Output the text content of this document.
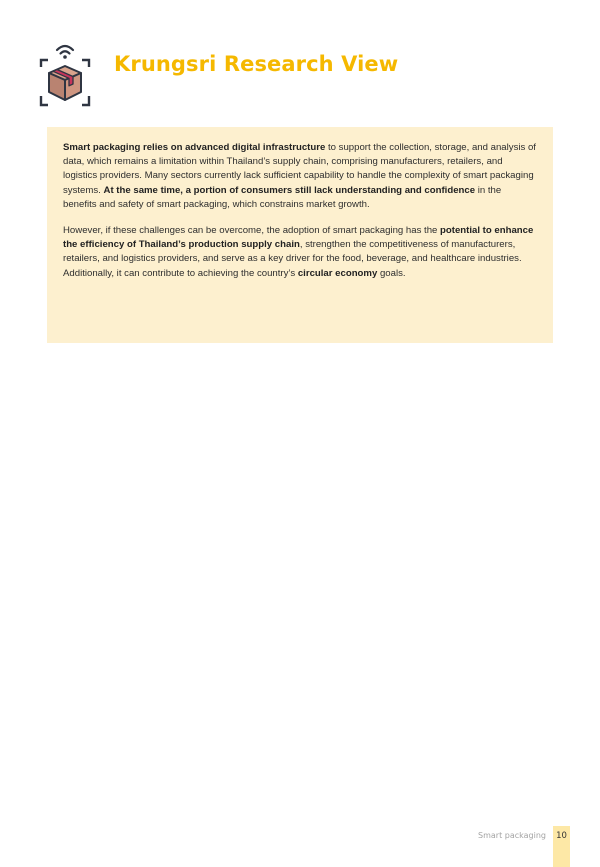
Krungsri Research View

Smart packaging relies on advanced digital infrastructure to support the collection, storage, and analysis of data, which remains a limitation within Thailand’s supply chain, comprising manufacturers, retailers, and logistics providers. Many sectors currently lack sufficient capability to handle the complexity of smart packaging systems. At the same time, a portion of consumers still lack understanding and confidence in the benefits and safety of smart packaging, which constrains market growth.

However, if these challenges can be overcome, the adoption of smart packaging has the potential to enhance the efficiency of Thailand’s production supply chain, strengthen the competitiveness of manufacturers, retailers, and logistics providers, and serve as a key driver for the food, beverage, and healthcare industries. Additionally, it can contribute to achieving the country’s circular economy goals.

Smart packaging	10
